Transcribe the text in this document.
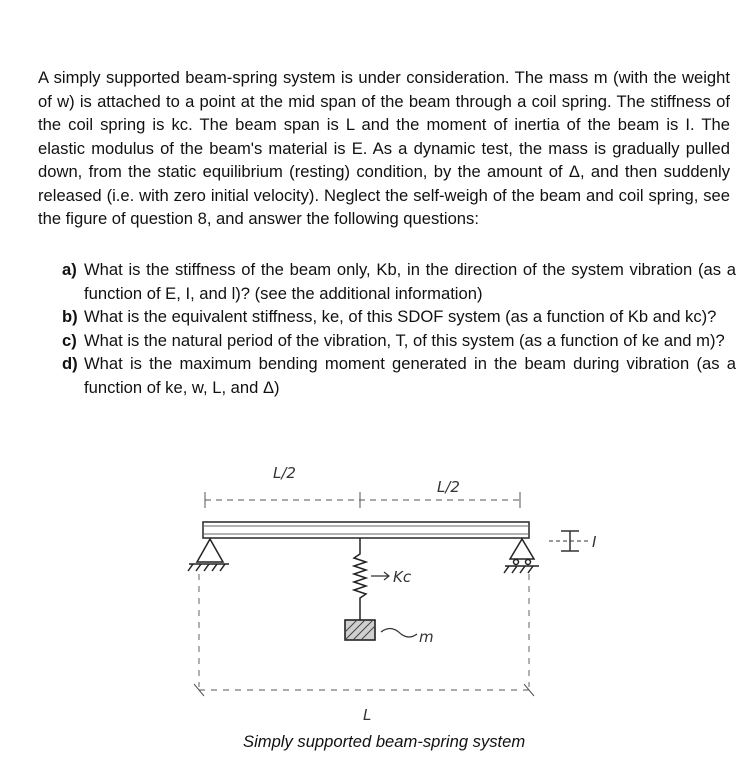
A simply supported beam-spring system is under consideration. The mass m (with the weight of w) is attached to a point at the mid span of the beam through a coil spring. The stiffness of the coil spring is kc. The beam span is L and the moment of inertia of the beam is I. The elastic modulus of the beam's material is E. As a dynamic test, the mass is gradually pulled down, from the static equilibrium (resting) condition, by the amount of Δ, and then suddenly released (i.e. with zero initial velocity). Neglect the self-weigh of the beam and coil spring, see the figure of question 8, and answer the following questions:
a) What is the stiffness of the beam only, Kb, in the direction of the system vibration (as a function of E, I, and l)? (see the additional information)
b) What is the equivalent stiffness, ke, of this SDOF system (as a function of Kb and kc)?
c) What is the natural period of the vibration, T, of this system (as a function of ke and m)?
d) What is the maximum bending moment generated in the beam during vibration (as a function of ke, w, L, and Δ)
L/2
L/2
Kc
m
L
I
Simply supported beam-spring system
